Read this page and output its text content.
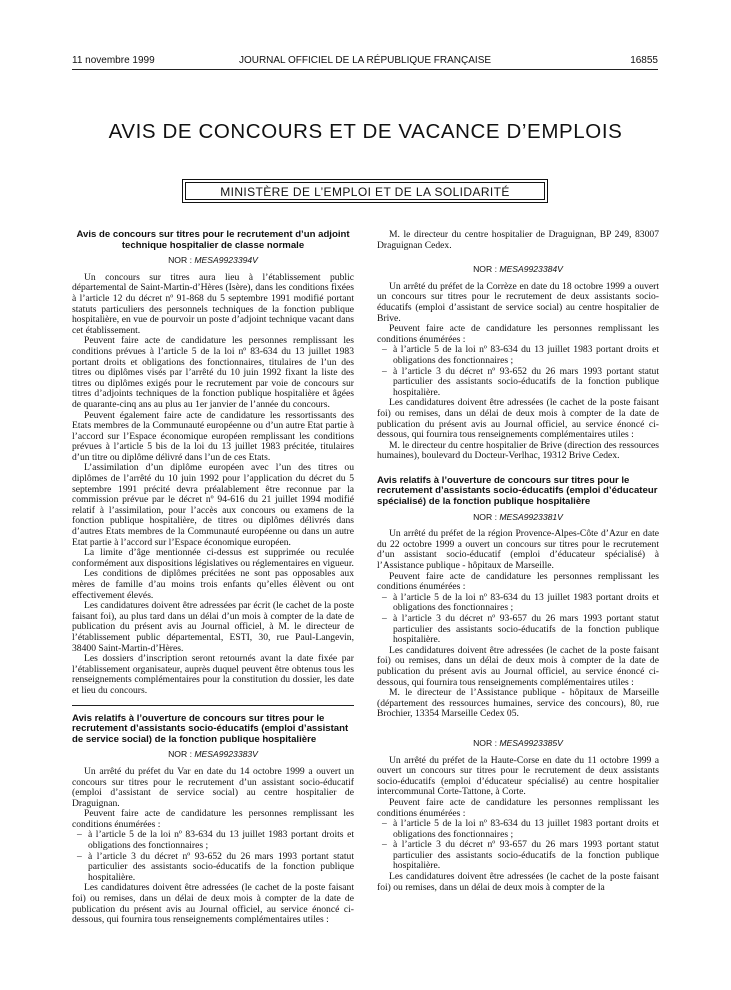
11 novembre 1999	JOURNAL OFFICIEL DE LA RÉPUBLIQUE FRANÇAISE	16855
AVIS DE CONCOURS ET DE VACANCE D’EMPLOIS
MINISTÈRE DE L’EMPLOI ET DE LA SOLIDARITÉ
Avis de concours sur titres pour le recrutement d’un adjoint technique hospitalier de classe normale
NOR : MESA9923394V

Un concours sur titres aura lieu à l’établissement public départemental de Saint-Martin-d’Hères (Isère), dans les conditions fixées à l’article 12 du décret nº 91-868 du 5 septembre 1991 modifié portant statuts particuliers des personnels techniques de la fonction publique hospitalière, en vue de pourvoir un poste d’adjoint technique vacant dans cet établissement.

Peuvent faire acte de candidature les personnes remplissant les conditions prévues à l’article 5 de la loi nº 83-634 du 13 juillet 1983 portant droits et obligations des fonctionnaires, titulaires de l’un des titres ou diplômes visés par l’arrêté du 10 juin 1992 fixant la liste des titres ou diplômes exigés pour le recrutement par voie de concours sur titres d’adjoints techniques de la fonction publique hospitalière et âgées de quarante-cinq ans au plus au 1er janvier de l’année du concours.

Peuvent également faire acte de candidature les ressortissants des Etats membres de la Communauté européenne ou d’un autre Etat partie à l’accord sur l’Espace économique européen remplissant les conditions prévues à l’article 5 bis de la loi du 13 juillet 1983 précitée, titulaires d’un titre ou diplôme délivré dans l’un de ces Etats.

L’assimilation d’un diplôme européen avec l’un des titres ou diplômes de l’arrêté du 10 juin 1992 pour l’application du décret du 5 septembre 1991 précité devra préalablement être reconnue par la commission prévue par le décret nº 94-616 du 21 juillet 1994 modifié relatif à l’assimilation, pour l’accès aux concours ou examens de la fonction publique hospitalière, de titres ou diplômes délivrés dans d’autres Etats membres de la Communauté européenne ou dans un autre Etat partie à l’accord sur l’Espace économique européen.

La limite d’âge mentionnée ci-dessus est supprimée ou reculée conformément aux dispositions législatives ou réglementaires en vigueur.

Les conditions de diplômes précitées ne sont pas opposables aux mères de famille d’au moins trois enfants qu’elles élèvent ou ont effectivement élevés.

Les candidatures doivent être adressées par écrit (le cachet de la poste faisant foi), au plus tard dans un délai d’un mois à compter de la date de publication du présent avis au Journal officiel, à M. le directeur de l’établissement public départemental, ESTI, 30, rue Paul-Langevin, 38400 Saint-Martin-d’Hères.

Les dossiers d’inscription seront retournés avant la date fixée par l’établissement organisateur, auprès duquel peuvent être obtenus tous les renseignements complémentaires pour la constitution du dossier, les date et lieu du concours.

Avis relatifs à l’ouverture de concours sur titres pour le recrutement d’assistants socio-éducatifs (emploi d’assistant de service social) de la fonction publique hospitalière
NOR : MESA9923383V

Un arrêté du préfet du Var en date du 14 octobre 1999 a ouvert un concours sur titres pour le recrutement d’un assistant socio-éducatif (emploi d’assistant de service social) au centre hospitalier de Draguignan.

Peuvent faire acte de candidature les personnes remplissant les conditions énumérées :

– à l’article 5 de la loi nº 83-634 du 13 juillet 1983 portant droits et obligations des fonctionnaires ;
– à l’article 3 du décret nº 93-652 du 26 mars 1993 portant statut particulier des assistants socio-éducatifs de la fonction publique hospitalière.

Les candidatures doivent être adressées (le cachet de la poste faisant foi) ou remises, dans un délai de deux mois à compter de la date de publication du présent avis au Journal officiel, au service énoncé ci-dessous, qui fournira tous renseignements complémentaires utiles :

M. le directeur du centre hospitalier de Draguignan, BP 249, 83007 Draguignan Cedex.

NOR : MESA9923384V

Un arrêté du préfet de la Corrèze en date du 18 octobre 1999 a ouvert un concours sur titres pour le recrutement de deux assistants socio-éducatifs (emploi d’assistant de service social) au centre hospitalier de Brive.

Peuvent faire acte de candidature les personnes remplissant les conditions énumérées :

– à l’article 5 de la loi nº 83-634 du 13 juillet 1983 portant droits et obligations des fonctionnaires ;
– à l’article 3 du décret nº 93-652 du 26 mars 1993 portant statut particulier des assistants socio-éducatifs de la fonction publique hospitalière.

Les candidatures doivent être adressées (le cachet de la poste faisant foi) ou remises, dans un délai de deux mois à compter de la date de publication du présent avis au Journal officiel, au service énoncé ci-dessous, qui fournira tous renseignements complémentaires utiles :

M. le directeur du centre hospitalier de Brive (direction des ressources humaines), boulevard du Docteur-Verlhac, 19312 Brive Cedex.

Avis relatifs à l’ouverture de concours sur titres pour le recrutement d’assistants socio-éducatifs (emploi d’éducateur spécialisé) de la fonction publique hospitalière
NOR : MESA9923381V

Un arrêté du préfet de la région Provence-Alpes-Côte d’Azur en date du 22 octobre 1999 a ouvert un concours sur titres pour le recrutement d’un assistant socio-éducatif (emploi d’éducateur spécialisé) à l’Assistance publique - hôpitaux de Marseille.

Peuvent faire acte de candidature les personnes remplissant les conditions énumérées :

– à l’article 5 de la loi nº 83-634 du 13 juillet 1983 portant droits et obligations des fonctionnaires ;
– à l’article 3 du décret nº 93-657 du 26 mars 1993 portant statut particulier des assistants socio-éducatifs de la fonction publique hospitalière.

Les candidatures doivent être adressées (le cachet de la poste faisant foi) ou remises, dans un délai de deux mois à compter de la date de publication du présent avis au Journal officiel, au service énoncé ci-dessous, qui fournira tous renseignements complémentaires utiles :

M. le directeur de l’Assistance publique - hôpitaux de Marseille (département des ressources humaines, service des concours), 80, rue Brochier, 13354 Marseille Cedex 05.

NOR : MESA9923385V

Un arrêté du préfet de la Haute-Corse en date du 11 octobre 1999 a ouvert un concours sur titres pour le recrutement de deux assistants socio-éducatifs (emploi d’éducateur spécialisé) au centre hospitalier intercommunal Corte-Tattone, à Corte.

Peuvent faire acte de candidature les personnes remplissant les conditions énumérées :

– à l’article 5 de la loi nº 83-634 du 13 juillet 1983 portant droits et obligations des fonctionnaires ;
– à l’article 3 du décret nº 93-657 du 26 mars 1993 portant statut particulier des assistants socio-éducatifs de la fonction publique hospitalière.

Les candidatures doivent être adressées (le cachet de la poste faisant foi) ou remises, dans un délai de deux mois à compter de la
